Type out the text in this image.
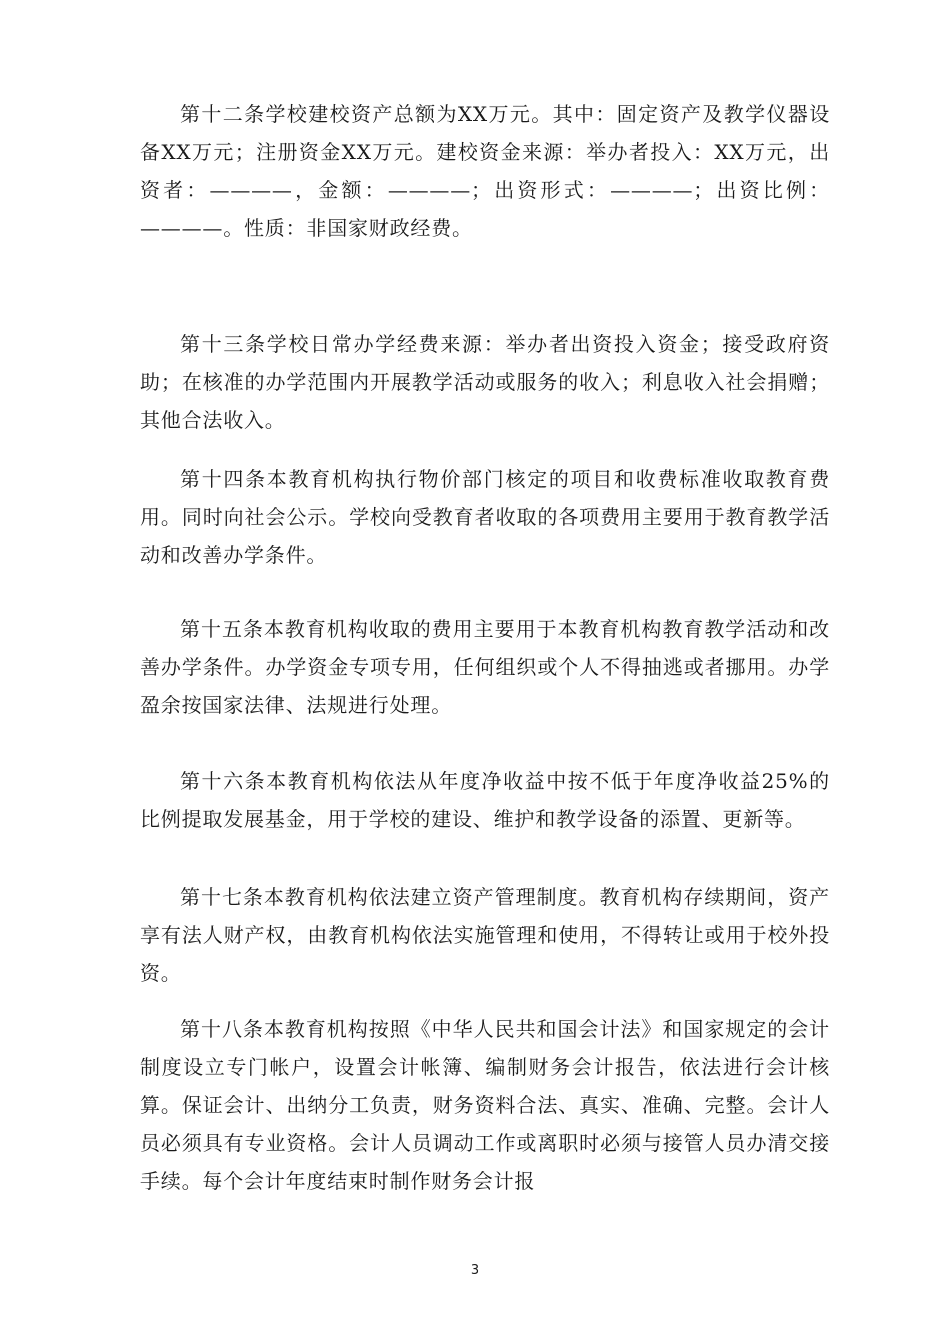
第十二条学校建校资产总额为XX万元。其中：固定资产及教学仪器设备XX万元；注册资金XX万元。建校资金来源：举办者投入：XX万元，出资者：————，金额：————；出资形式：————；出资比例：————。性质：非国家财政经费。

第十三条学校日常办学经费来源：举办者出资投入资金；接受政府资助；在核准的办学范围内开展教学活动或服务的收入；利息收入社会捐赠；其他合法收入。

第十四条本教育机构执行物价部门核定的项目和收费标准收取教育费用。同时向社会公示。学校向受教育者收取的各项费用主要用于教育教学活动和改善办学条件。

第十五条本教育机构收取的费用主要用于本教育机构教育教学活动和改善办学条件。办学资金专项专用，任何组织或个人不得抽逃或者挪用。办学盈余按国家法律、法规进行处理。

第十六条本教育机构依法从年度净收益中按不低于年度净收益25%的比例提取发展基金，用于学校的建设、维护和教学设备的添置、更新等。

第十七条本教育机构依法建立资产管理制度。教育机构存续期间，资产享有法人财产权，由教育机构依法实施管理和使用，不得转让或用于校外投资。

第十八条本教育机构按照《中华人民共和国会计法》和国家规定的会计制度设立专门帐户，设置会计帐簿、编制财务会计报告，依法进行会计核算。保证会计、出纳分工负责，财务资料合法、真实、准确、完整。会计人员必须具有专业资格。会计人员调动工作或离职时必须与接管人员办清交接手续。每个会计年度结束时制作财务会计报

3
